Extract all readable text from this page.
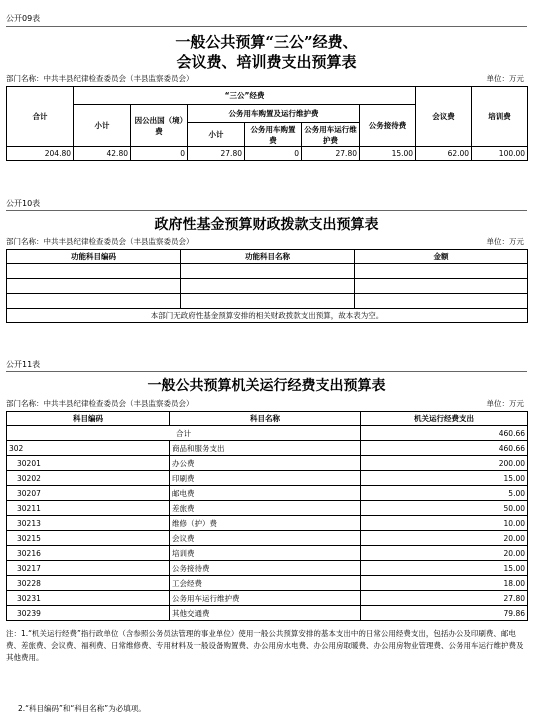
公开09表
一般公共预算“三公”经费、
会议费、培训费支出预算表
部门名称：中共丰县纪律检查委员会（丰县监察委员会）	单位：万元
合计	“三公”经费						会议费	培训费
	小计	因公出国（境）费	公务用车购置及运行维护费			公务接待费		
			小计	公务用车购置费	公务用车运行维护费			
204.80	42.80	0	27.80	0	27.80	15.00	62.00	100.00
公开10表
政府性基金预算财政拨款支出预算表
部门名称：中共丰县纪律检查委员会（丰县监察委员会）	单位：万元
功能科目编码	功能科目名称	金额

本部门无政府性基金预算安排的相关财政拨款支出预算，故本表为空。		
公开11表
一般公共预算机关运行经费支出预算表
部门名称：中共丰县纪律检查委员会（丰县监察委员会）	单位：万元
科目编码	科目名称	机关运行经费支出
合计		460.66
302	商品和服务支出	460.66
30201	办公费	200.00
30202	印刷费	15.00
30207	邮电费	5.00
30211	差旅费	50.00
30213	维修（护）费	10.00
30215	会议费	20.00
30216	培训费	20.00
30217	公务接待费	15.00
30228	工会经费	18.00
30231	公务用车运行维护费	27.80
30239	其他交通费	79.86
注：1.“机关运行经费”指行政单位（含参照公务员法管理的事业单位）使用一般公共预算安排的基本支出中的日常公用经费支出，包括办公及印刷费、邮电费、差旅费、会议费、福利费、日常维修费、专用材料及一般设备购置费、办公用房水电费、办公用房取暖费、办公用房物业管理费、公务用车运行维护费及其他费用。
2.“科目编码”和“科目名称”为必填项。
